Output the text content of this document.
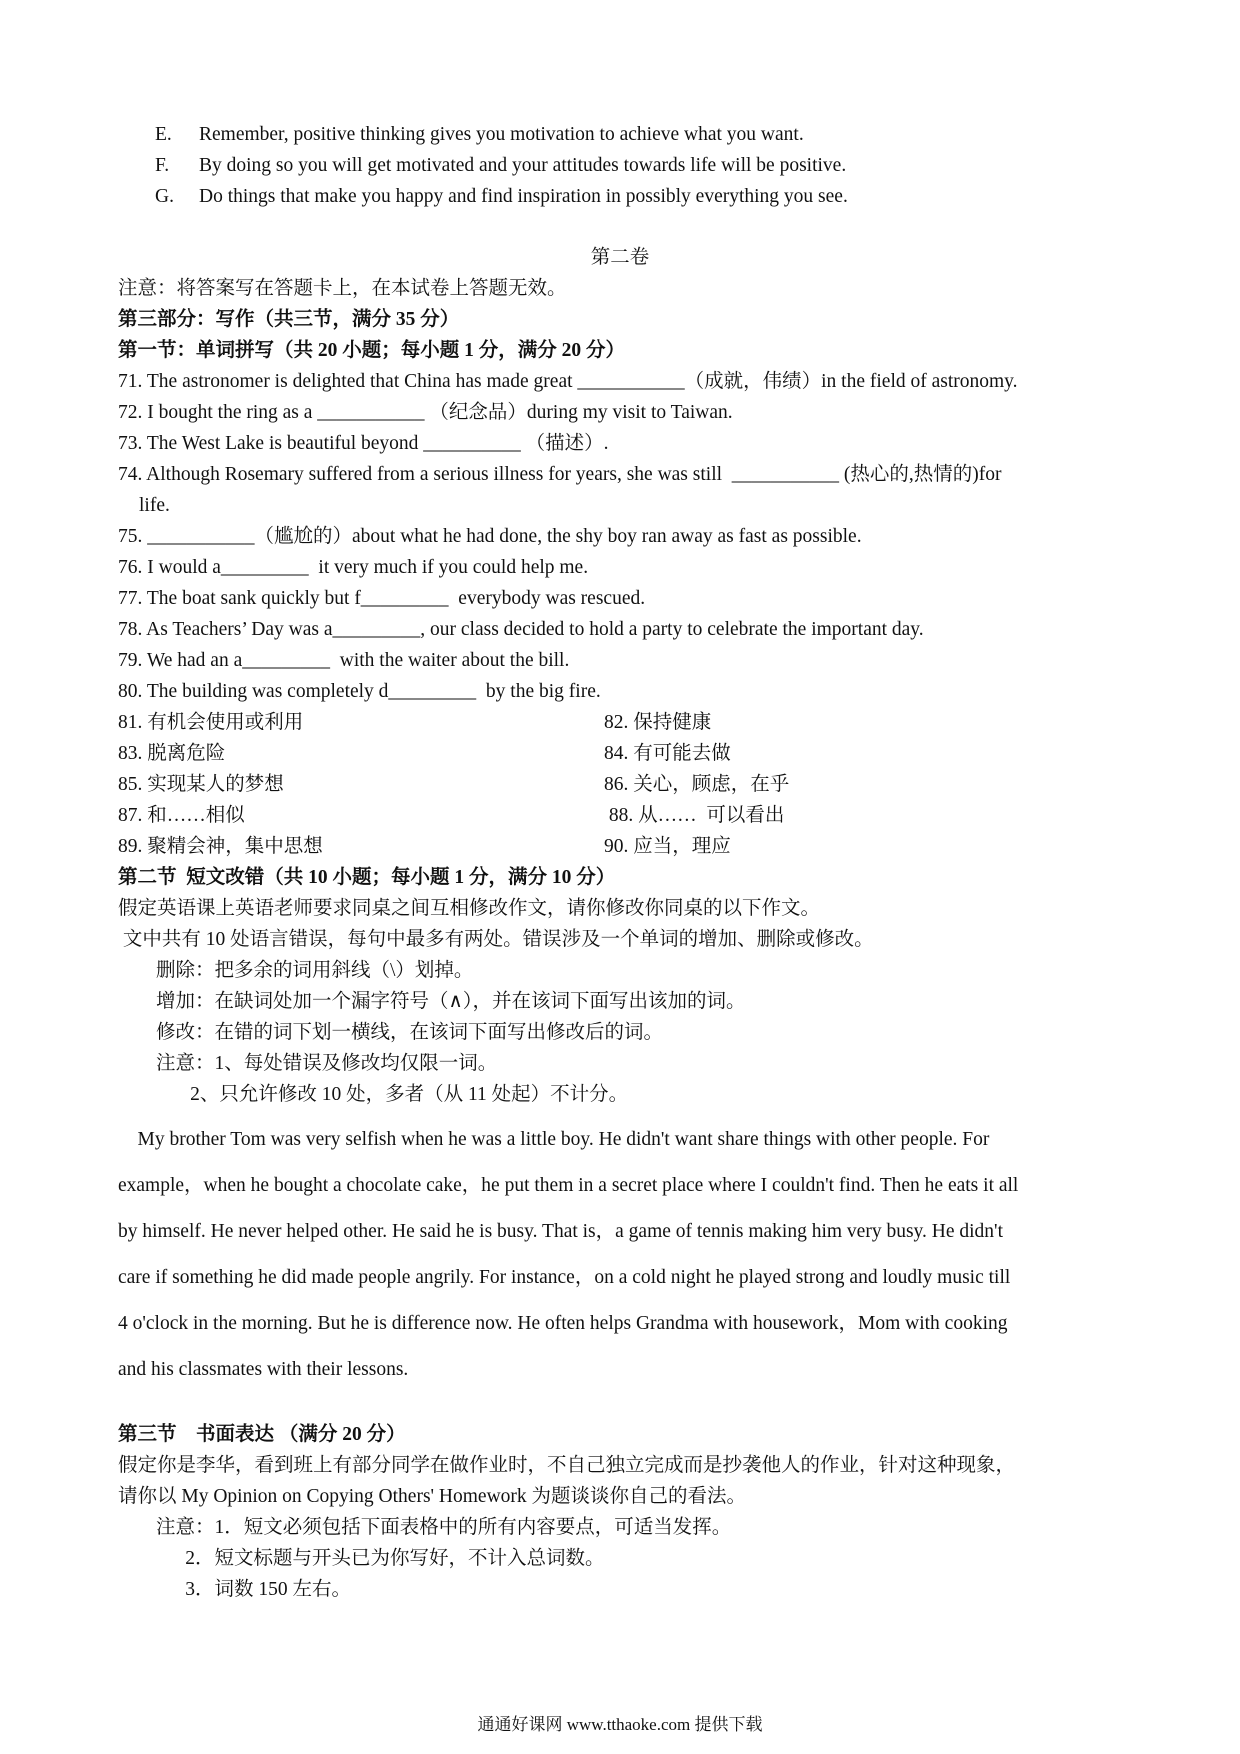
E. Remember, positive thinking gives you motivation to achieve what you want.
F. By doing so you will get motivated and your attitudes towards life will be positive.
G. Do things that make you happy and find inspiration in possibly everything you see.
第二卷
注意：将答案写在答题卡上，在本试卷上答题无效。
第三部分：写作（共三节，满分 35 分）
第一节：单词拼写（共 20 小题；每小题 1 分，满分 20 分）
71. The astronomer is delighted that China has made great ___________（成就，伟绩）in the field of astronomy.
72. I bought the ring as a ___________ （纪念品）during my visit to Taiwan.
73. The West Lake is beautiful beyond __________ （描述）.
74. Although Rosemary suffered from a serious illness for years, she was still  ___________ (热心的,热情的)for
life.
75. ___________（尴尬的）about what he had done, the shy boy ran away as fast as possible.
76. I would a_________  it very much if you could help me.
77. The boat sank quickly but f_________  everybody was rescued.
78. As Teachers’ Day was a_________, our class decided to hold a party to celebrate the important day.
79. We had an a_________  with the waiter about the bill.
80. The building was completely d_________  by the big fire.
81. 有机会使用或利用	82. 保持健康
83. 脱离危险	84. 有可能去做
85. 实现某人的梦想	86. 关心，顾虑，在乎
87. 和……相似	88. 从……  可以看出
89. 聚精会神，集中思想	90. 应当，理应
第二节  短文改错（共 10 小题；每小题 1 分，满分 10 分）
假定英语课上英语老师要求同桌之间互相修改作文，请你修改你同桌的以下作文。
文中共有 10 处语言错误，每句中最多有两处。错误涉及一个单词的增加、删除或修改。
删除：把多余的词用斜线（\）划掉。
增加：在缺词处加一个漏字符号（∧），并在该词下面写出该加的词。
修改：在错的词下划一横线，在该词下面写出修改后的词。
注意：1、每处错误及修改均仅限一词。
2、只允许修改 10 处，多者（从 11 处起）不计分。
My brother Tom was very selfish when he was a little boy. He didn't want share things with other people. For
example，when he bought a chocolate cake，he put them in a secret place where I couldn't find. Then he eats it all
by himself. He never helped other. He said he is busy. That is，a game of tennis making him very busy. He didn't
care if something he did made people angrily. For instance，on a cold night he played strong and loudly music till
4 o'clock in the morning. But he is difference now. He often helps Grandma with housework，Mom with cooking
and his classmates with their lessons.
第三节    书面表达 （满分 20 分）
假定你是李华，看到班上有部分同学在做作业时，不自己独立完成而是抄袭他人的作业，针对这种现象，
请你以 My Opinion on Copying Others' Homework 为题谈谈你自己的看法。
注意：1．短文必须包括下面表格中的所有内容要点，可适当发挥。
2．短文标题与开头已为你写好，不计入总词数。
3．词数 150 左右。
通通好课网 www.tthaoke.com 提供下载
